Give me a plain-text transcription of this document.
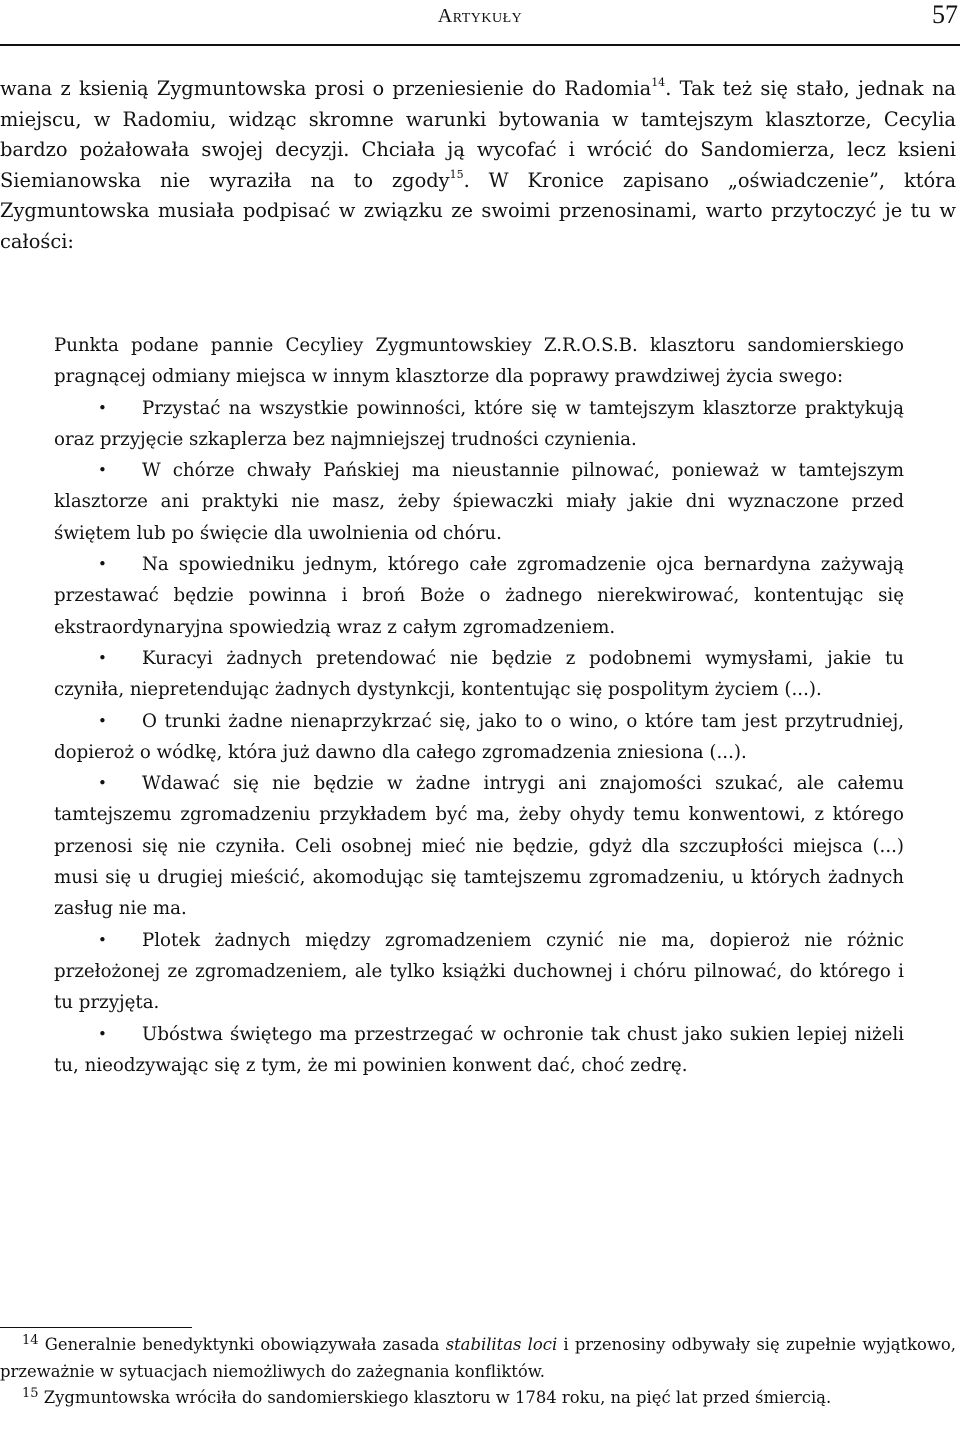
Artykuły	57

wana z ksienią Zygmuntowska prosi o przeniesienie do Radomia$^{14}$. Tak też się stało, jednak na miejscu, w Radomiu, widząc skromne warunki bytowania w tamtejszym klasztorze, Cecylia bardzo pożałowała swojej decyzji. Chciała ją wycofać i wrócić do Sandomierza, lecz ksieni Siemianowska nie wyraziła na to zgody$^{15}$. W Kronice zapisano „oświadczenie”, która Zygmuntowska musiała podpisać w związku ze swoimi przenosinami, warto przytoczyć je tu w całości:

Punkta podane pannie Cecyliey Zygmuntowskiey Z.R.O.S.B. klasztoru sandomierskiego pragnącej odmiany miejsca w innym klasztorze dla poprawy prawdziwej życia swego:

• Przystać na wszystkie powinności, które się w tamtejszym klasztorze praktykują oraz przyjęcie szkaplerza bez najmniejszej trudności czynienia.

• W chórze chwały Pańskiej ma nieustannie pilnować, ponieważ w tamtejszym klasztorze ani praktyki nie masz, żeby śpiewaczki miały jakie dni wyznaczone przed świętem lub po święcie dla uwolnienia od chóru.

• Na spowiedniku jednym, którego całe zgromadzenie ojca bernardyna zażywają przestawać będzie powinna i broń Boże o żadnego nierekwirować, kontentując się ekstraordynaryjna spowiedzią wraz z całym zgromadzeniem.

• Kuracyi żadnych pretendować nie będzie z podobnemi wymysłami, jakie tu czyniła, niepretendując żadnych dystynkcji, kontentując się pospolitym życiem (...).

• O trunki żadne nienaprzykrzać się, jako to o wino, o które tam jest przytrudniej, dopieroż o wódkę, która już dawno dla całego zgromadzenia zniesiona (...).

• Wdawać się nie będzie w żadne intrygi ani znajomości szukać, ale całemu tamtejszemu zgromadzeniu przykładem być ma, żeby ohydy temu konwentowi, z którego przenosi się nie czyniła. Celi osobnej mieć nie będzie, gdyż dla szczupłości miejsca (...) musi się u drugiej mieścić, akomodując się tamtejszemu zgromadzeniu, u których żadnych zasług nie ma.

• Plotek żadnych między zgromadzeniem czynić nie ma, dopieroż nie różnic przełożonej ze zgromadzeniem, ale tylko książki duchownej i chóru pilnować, do którego i tu przyjęta.

• Ubóstwa świętego ma przestrzegać w ochronie tak chust jako sukien lepiej niżeli tu, nieodzywając się z tym, że mi powinien konwent dać, choć zedrę.

$^{14}$ Generalnie benedyktynki obowiązywała zasada stabilitas loci i przenosiny odbywały się zupełnie wyjątkowo, przeważnie w sytuacjach niemożliwych do zażegnania konfliktów.

$^{15}$ Zygmuntowska wróciła do sandomierskiego klasztoru w 1784 roku, na pięć lat przed śmiercią.
